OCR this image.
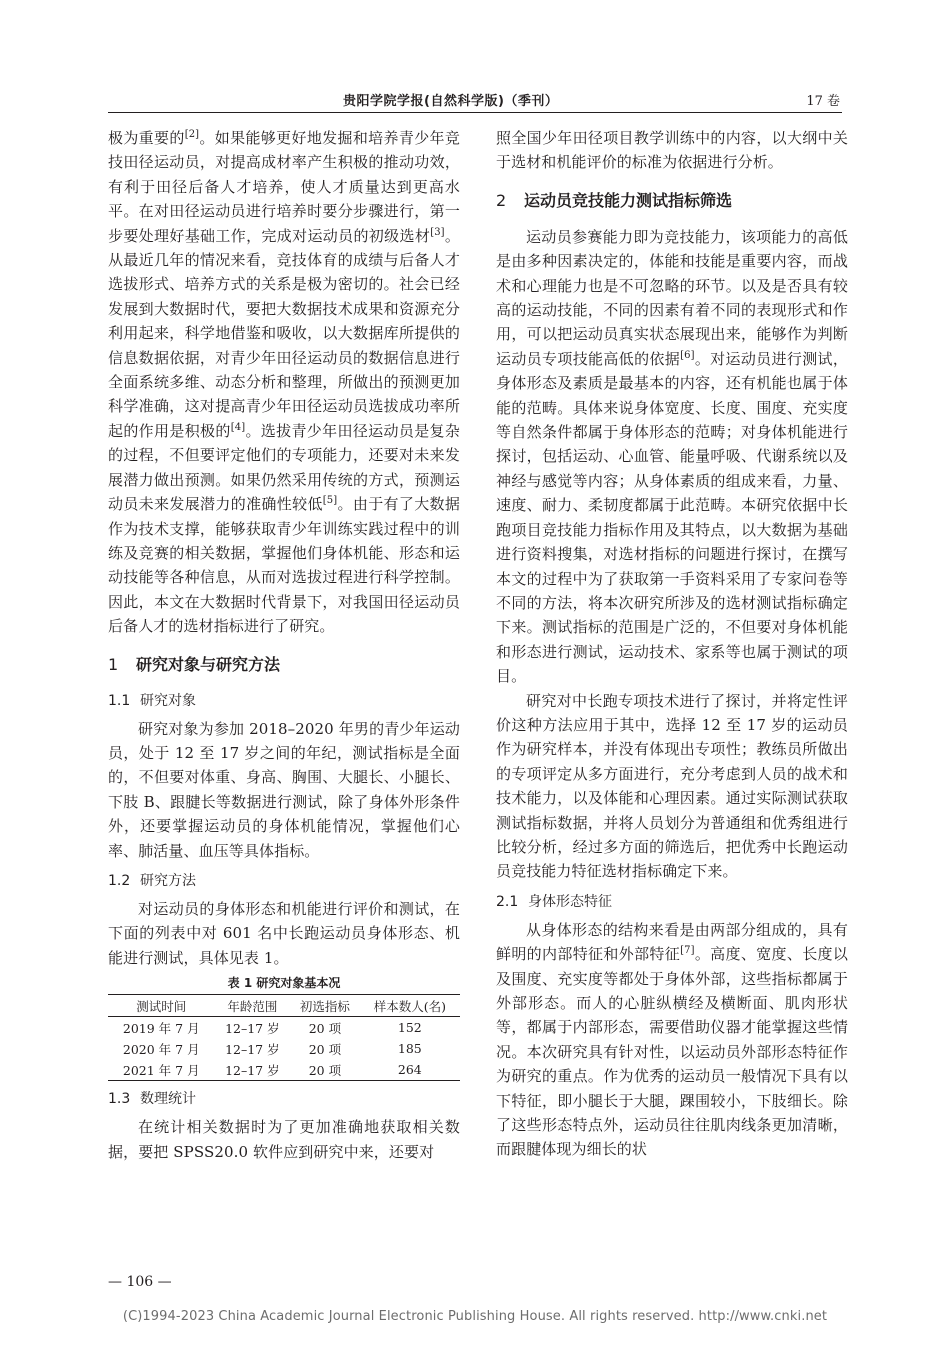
贵阳学院学报(自然科学版)（季刊）	17 卷

极为重要的[2]。如果能够更好地发掘和培养青少年竞技田径运动员，对提高成材率产生积极的推动功效，有利于田径后备人才培养，使人才质量达到更高水平。在对田径运动员进行培养时要分步骤进行，第一步要处理好基础工作，完成对运动员的初级选材[3]。从最近几年的情况来看，竞技体育的成绩与后备人才选拔形式、培养方式的关系是极为密切的。社会已经发展到大数据时代，要把大数据技术成果和资源充分利用起来，科学地借鉴和吸收，以大数据库所提供的信息数据依据，对青少年田径运动员的数据信息进行全面系统多维、动态分析和整理，所做出的预测更加科学准确，这对提高青少年田径运动员选拔成功率所起的作用是积极的[4]。选拔青少年田径运动员是复杂的过程，不但要评定他们的专项能力，还要对未来发展潜力做出预测。如果仍然采用传统的方式，预测运动员未来发展潜力的准确性较低[5]。由于有了大数据作为技术支撑，能够获取青少年训练实践过程中的训练及竞赛的相关数据，掌握他们身体机能、形态和运动技能等各种信息，从而对选拔过程进行科学控制。因此，本文在大数据时代背景下，对我国田径运动员后备人才的选材指标进行了研究。

1 研究对象与研究方法
1.1 研究对象

研究对象为参加 2018–2020 年男的青少年运动员，处于 12 至 17 岁之间的年纪，测试指标是全面的，不但要对体重、身高、胸围、大腿长、小腿长、下肢 B、跟腱长等数据进行测试，除了身体外形条件外，还要掌握运动员的身体机能情况，掌握他们心率、肺活量、血压等具体指标。

1.2 研究方法

对运动员的身体形态和机能进行评价和测试，在下面的列表中对 601 名中长跑运动员身体形态、机能进行测试，具体见表 1。

表 1 研究对象基本况
测试时间	年龄范围	初选指标	样本数人(名)
2019 年 7 月	12–17 岁	20 项	152
2020 年 7 月	12–17 岁	20 项	185
2021 年 7 月	12–17 岁	20 项	264
1.3 数理统计

在统计相关数据时为了更加准确地获取相关数据，要把 SPSS20.0 软件应到研究中来，还要对

照全国少年田径项目教学训练中的内容，以大纲中关于选材和机能评价的标准为依据进行分析。

2 运动员竞技能力测试指标筛选

运动员参赛能力即为竞技能力，该项能力的高低是由多种因素决定的，体能和技能是重要内容，而战术和心理能力也是不可忽略的环节。以及是否具有较高的运动技能，不同的因素有着不同的表现形式和作用，可以把运动员真实状态展现出来，能够作为判断运动员专项技能高低的依据[6]。对运动员进行测试，身体形态及素质是最基本的内容，还有机能也属于体能的范畴。具体来说身体宽度、长度、围度、充实度等自然条件都属于身体形态的范畴；对身体机能进行探讨，包括运动、心血管、能量呼吸、代谢系统以及神经与感觉等内容；从身体素质的组成来看，力量、速度、耐力、柔韧度都属于此范畴。本研究依据中长跑项目竞技能力指标作用及其特点，以大数据为基础进行资料搜集，对选材指标的问题进行探讨，在撰写本文的过程中为了获取第一手资料采用了专家问卷等不同的方法，将本次研究所涉及的选材测试指标确定下来。测试指标的范围是广泛的，不但要对身体机能和形态进行测试，运动技术、家系等也属于测试的项目。

研究对中长跑专项技术进行了探讨，并将定性评价这种方法应用于其中，选择 12 至 17 岁的运动员作为研究样本，并没有体现出专项性；教练员所做出的专项评定从多方面进行，充分考虑到人员的战术和技术能力，以及体能和心理因素。通过实际测试获取测试指标数据，并将人员划分为普通组和优秀组进行比较分析，经过多方面的筛选后，把优秀中长跑运动员竞技能力特征选材指标确定下来。

2.1 身体形态特征

从身体形态的结构来看是由两部分组成的，具有鲜明的内部特征和外部特征[7]。高度、宽度、长度以及围度、充实度等都处于身体外部，这些指标都属于外部形态。而人的心脏纵横经及横断面、肌肉形状等，都属于内部形态，需要借助仪器才能掌握这些情况。本次研究具有针对性，以运动员外部形态特征作为研究的重点。作为优秀的运动员一般情况下具有以下特征，即小腿长于大腿，踝围较小，下肢细长。除了这些形态特点外，运动员往往肌肉线条更加清晰，而跟腱体现为细长的状

— 106 —
(C)1994-2023 China Academic Journal Electronic Publishing House. All rights reserved. http://www.cnki.net
